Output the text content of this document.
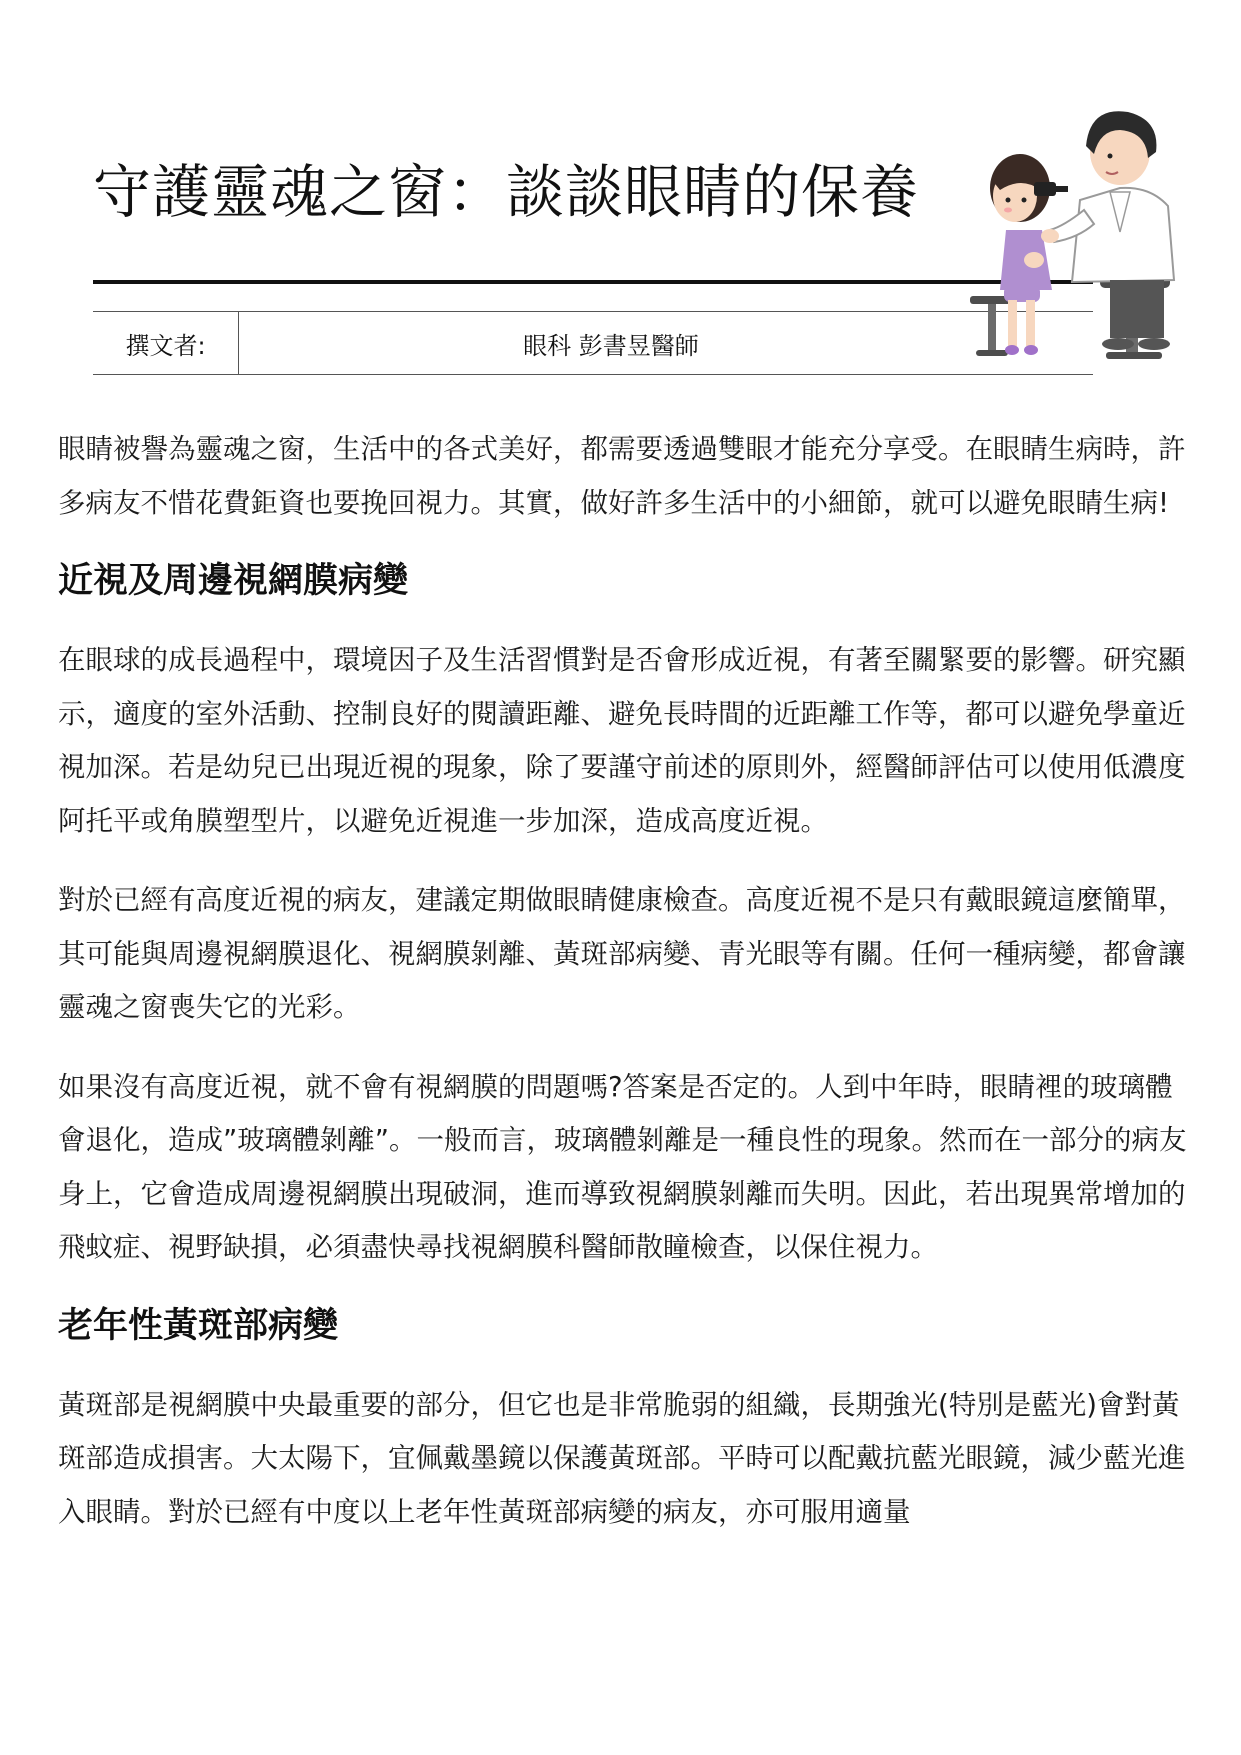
守護靈魂之窗：談談眼睛的保養
撰文者:	眼科 彭書昱醫師

眼睛被譽為靈魂之窗，生活中的各式美好，都需要透過雙眼才能充分享受。在眼睛生病時，許多病友不惜花費鉅資也要挽回視力。其實，做好許多生活中的小細節，就可以避免眼睛生病!

近視及周邊視網膜病變

在眼球的成長過程中，環境因子及生活習慣對是否會形成近視，有著至關緊要的影響。研究顯示，適度的室外活動、控制良好的閱讀距離、避免長時間的近距離工作等，都可以避免學童近視加深。若是幼兒已出現近視的現象，除了要謹守前述的原則外，經醫師評估可以使用低濃度阿托平或角膜塑型片，以避免近視進一步加深，造成高度近視。

對於已經有高度近視的病友，建議定期做眼睛健康檢查。高度近視不是只有戴眼鏡這麼簡單，其可能與周邊視網膜退化、視網膜剝離、黃斑部病變、青光眼等有關。任何一種病變，都會讓靈魂之窗喪失它的光彩。

如果沒有高度近視，就不會有視網膜的問題嗎?答案是否定的。人到中年時，眼睛裡的玻璃體會退化，造成”玻璃體剝離”。一般而言，玻璃體剝離是一種良性的現象。然而在一部分的病友身上，它會造成周邊視網膜出現破洞，進而導致視網膜剝離而失明。因此，若出現異常增加的飛蚊症、視野缺損，必須盡快尋找視網膜科醫師散瞳檢查，以保住視力。

老年性黃斑部病變

黃斑部是視網膜中央最重要的部分，但它也是非常脆弱的組織，長期強光(特別是藍光)會對黃斑部造成損害。大太陽下，宜佩戴墨鏡以保護黃斑部。平時可以配戴抗藍光眼鏡，減少藍光進入眼睛。對於已經有中度以上老年性黃斑部病變的病友，亦可服用適量
